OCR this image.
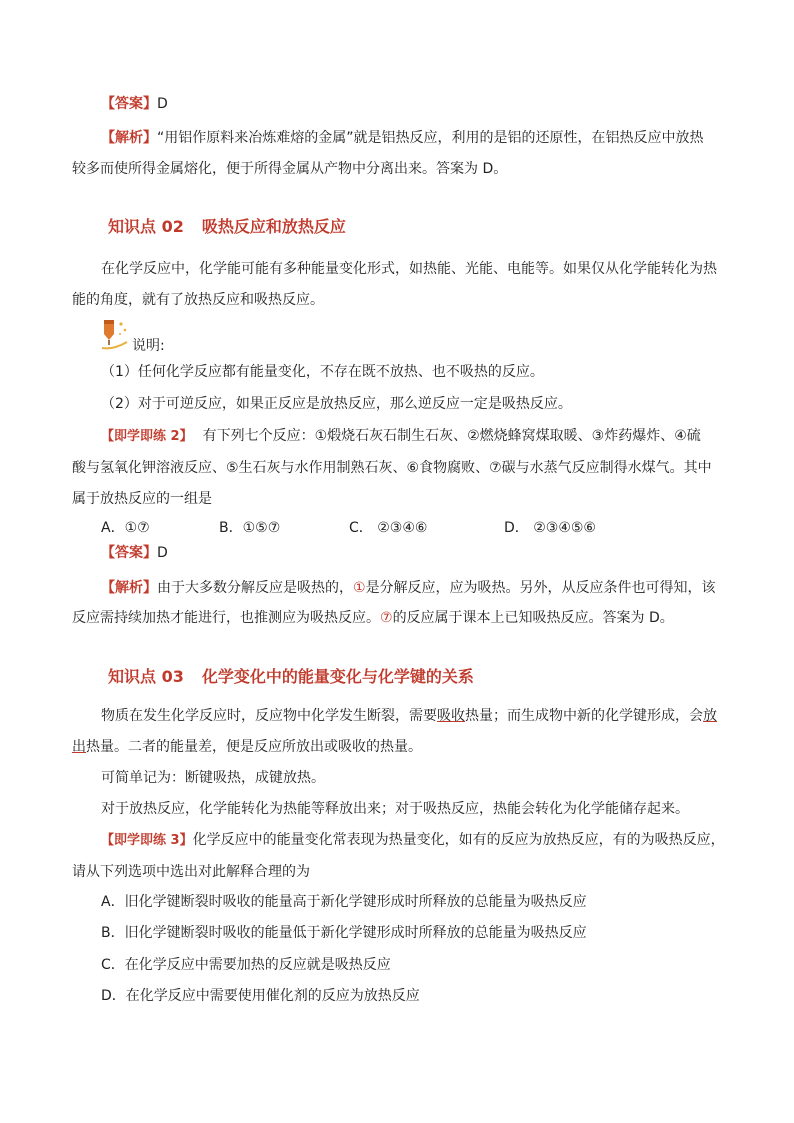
【答案】D
【解析】“用铝作原料来冶炼难熔的金属”就是铝热反应，利用的是铝的还原性，在铝热反应中放热
较多而使所得金属熔化，便于所得金属从产物中分离出来。答案为 D。
知识点 02 吸热反应和放热反应
在化学反应中，化学能可能有多种能量变化形式，如热能、光能、电能等。如果仅从化学能转化为热
能的角度，就有了放热反应和吸热反应。
说明:
（1）任何化学反应都有能量变化，不存在既不放热、也不吸热的反应。
（2）对于可逆反应，如果正反应是放热反应，那么逆反应一定是吸热反应。
【即学即练 2】 有下列七个反应：①煅烧石灰石制生石灰、②燃烧蜂窝煤取暖、③炸药爆炸、④硫
酸与氢氧化钾溶液反应、⑤生石灰与水作用制熟石灰、⑥食物腐败、⑦碳与水蒸气反应制得水煤气。其中
属于放热反应的一组是
A．①⑦	B．①⑤⑦	C． ②③④⑥	D． ②③④⑤⑥
【答案】D
【解析】由于大多数分解反应是吸热的，①是分解反应，应为吸热。另外，从反应条件也可得知，该
反应需持续加热才能进行，也推测应为吸热反应。⑦的反应属于课本上已知吸热反应。答案为 D。
知识点 03 化学变化中的能量变化与化学键的关系
物质在发生化学反应时，反应物中化学发生断裂，需要吸收热量；而生成物中新的化学键形成，会放
出热量。二者的能量差，便是反应所放出或吸收的热量。
可简单记为：断键吸热，成键放热。
对于放热反应，化学能转化为热能等释放出来；对于吸热反应，热能会转化为化学能储存起来。
【即学即练 3】化学反应中的能量变化常表现为热量变化，如有的反应为放热反应，有的为吸热反应，
请从下列选项中选出对此解释合理的为
A．旧化学键断裂时吸收的能量高于新化学键形成时所释放的总能量为吸热反应
B．旧化学键断裂时吸收的能量低于新化学键形成时所释放的总能量为吸热反应
C．在化学反应中需要加热的反应就是吸热反应
D．在化学反应中需要使用催化剂的反应为放热反应
